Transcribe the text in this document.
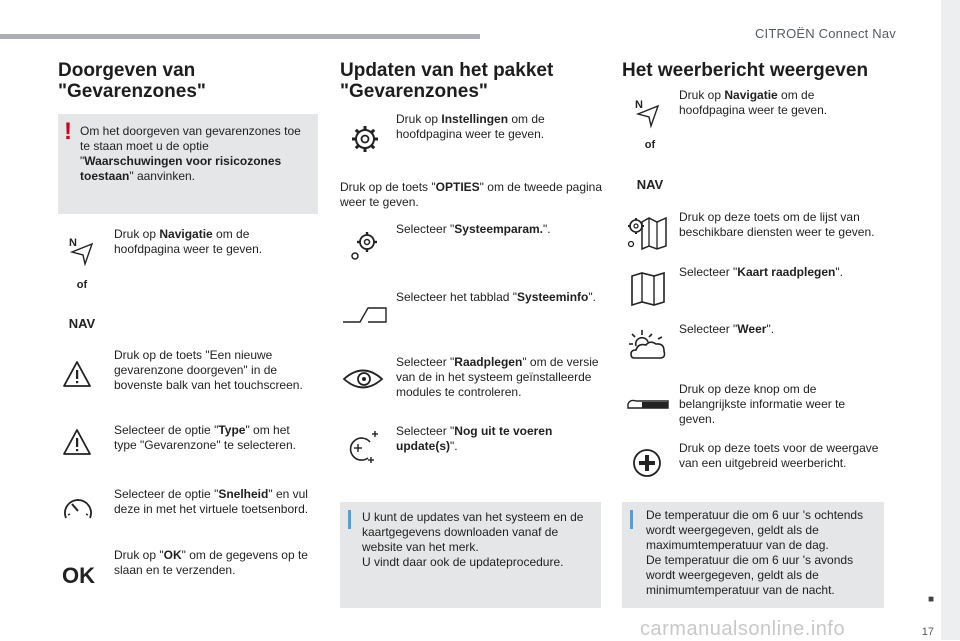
CITROËN Connect Nav
■
17
carmanualsonline.info
Doorgeven van
"Gevarenzones"
! Om het doorgeven van gevarenzones toe te staan moet u de optie "Waarschuwingen voor risicozones toestaan" aanvinken.
N
of
NAV
Druk op Navigatie om de hoofdpagina weer te geven.
Druk op de toets "Een nieuwe gevarenzone doorgeven" in de bovenste balk van het touchscreen.
Selecteer de optie "Type" om het type "Gevarenzone" te selecteren.
Selecteer de optie "Snelheid" en vul deze in met het virtuele toetsenbord.
OK
Druk op "OK" om de gegevens op te slaan en te verzenden.
Updaten van het pakket
"Gevarenzones"
Druk op Instellingen om de hoofdpagina weer te geven.
Druk op de toets "OPTIES" om de tweede pagina weer te geven.
Selecteer "Systeemparam.".
Selecteer het tabblad "Systeeminfo".
Selecteer "Raadplegen" om de versie van de in het systeem geïnstalleerde modules te controleren.
Selecteer "Nog uit te voeren update(s)".
U kunt de updates van het systeem en de kaartgegevens downloaden vanaf de website van het merk.
U vindt daar ook de updateprocedure.
Het weerbericht weergeven
N
of
NAV
Druk op Navigatie om de hoofdpagina weer te geven.
Druk op deze toets om de lijst van beschikbare diensten weer te geven.
Selecteer "Kaart raadplegen".
Selecteer "Weer".
Druk op deze knop om de belangrijkste informatie weer te geven.
Druk op deze toets voor de weergave van een uitgebreid weerbericht.
De temperatuur die om 6 uur 's ochtends wordt weergegeven, geldt als de maximumtemperatuur van de dag.
De temperatuur die om 6 uur 's avonds wordt weergegeven, geldt als de minimumtemperatuur van de nacht.
